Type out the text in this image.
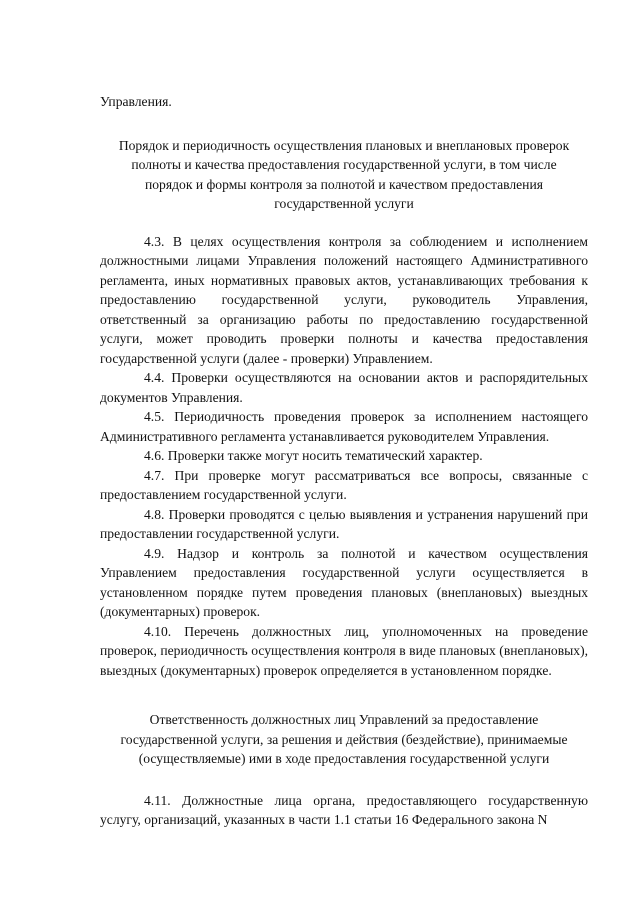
Управления.

Порядок и периодичность осуществления плановых и внеплановых проверок полноты и качества предоставления государственной услуги, в том числе порядок и формы контроля за полнотой и качеством предоставления государственной услуги

4.3. В целях осуществления контроля за соблюдением и исполнением должностными лицами Управления положений настоящего Административного регламента, иных нормативных правовых актов, устанавливающих требования к предоставлению государственной услуги, руководитель Управления, ответственный за организацию работы по предоставлению государственной услуги, может проводить проверки полноты и качества предоставления государственной услуги (далее - проверки) Управлением.

4.4. Проверки осуществляются на основании актов и распорядительных документов Управления.

4.5. Периодичность проведения проверок за исполнением настоящего Административного регламента устанавливается руководителем Управления.

4.6. Проверки также могут носить тематический характер.

4.7. При проверке могут рассматриваться все вопросы, связанные с предоставлением государственной услуги.

4.8. Проверки проводятся с целью выявления и устранения нарушений при предоставлении государственной услуги.

4.9. Надзор и контроль за полнотой и качеством осуществления Управлением предоставления государственной услуги осуществляется в установленном порядке путем проведения плановых (внеплановых) выездных (документарных) проверок.

4.10. Перечень должностных лиц, уполномоченных на проведение проверок, периодичность осуществления контроля в виде плановых (внеплановых), выездных (документарных) проверок определяется в установленном порядке.

Ответственность должностных лиц Управлений за предоставление государственной услуги, за решения и действия (бездействие), принимаемые (осуществляемые) ими в ходе предоставления государственной услуги

4.11. Должностные лица органа, предоставляющего государственную услугу, организаций, указанных в части 1.1 статьи 16 Федерального закона N
